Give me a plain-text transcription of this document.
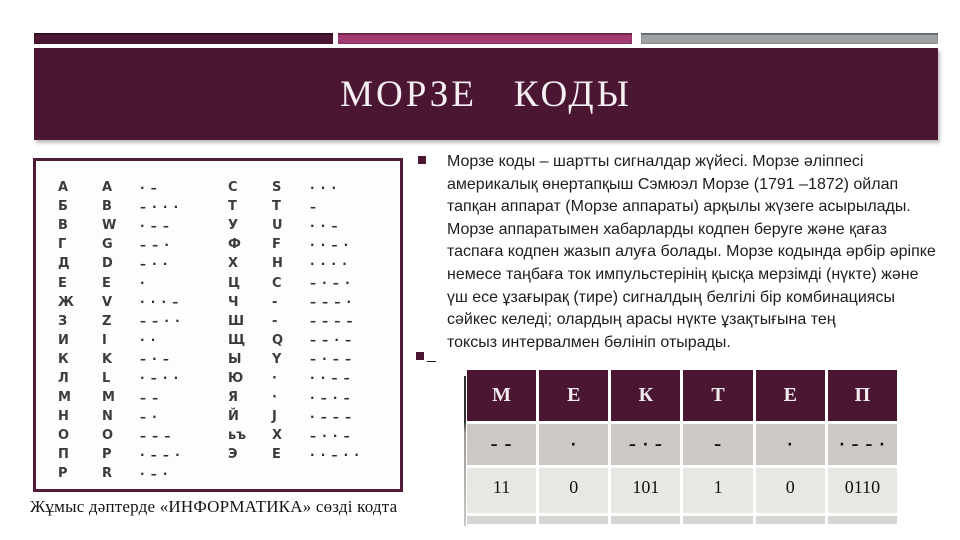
МОРЗЕ   КОДЫ
А	A	· –
Б	B	– · · ·
В	W	· – –
Г	G	– – ·
Д	D	– · ·
Е	E	·
Ж	V	· · · –
З	Z	– – · ·
И	I	· ·
К	K	– · –
Л	L	· – · ·
М	M	– –
Н	N	– ·
О	O	– – –
П	P	· – – ·
Р	R	· – ·
С	S	· · ·
Т	T	–
У	U	· · –
Ф	F	· · – ·
Х	H	· · · ·
Ц	C	– · – ·
Ч	-	– – – ·
Ш	-	– – – –
Щ	Q	– – · –
Ы	Y	– · – –
Ю	·	· · – –
Я	·	· – · –
Й	J	· – – –
ьъ	X	– · · –
Э	E	· · – · ·
Жұмыс дәптерде «ИНФОРМАТИКА» сөзді кодта
Морзе коды – шартты сигналдар жүйесі. Морзе әліппесі
америкалық өнертапқыш Сэмюэл Морзе (1791 –1872) ойлап
тапқан аппарат (Морзе аппараты) арқылы жүзеге асырылады.
Морзе аппаратымен хабарларды кодпен беруге және қағаз
таспаға кодпен жазып алуға болады. Морзе кодында әрбір әріпке
немесе таңбаға ток импульстерінің қысқа мерзімді (нүкте) және
үш есе ұзағырақ (тире) сигналдың белгілі бір комбинациясы
сәйкес келеді; олардың арасы нүкте ұзақтығына тең
токсыз интервалмен бөлініп отырады.
_
М	Е	К	Т	Е	П
– –	·	– · –	–	·	· – – ·
11	0	101	1	0	0110
